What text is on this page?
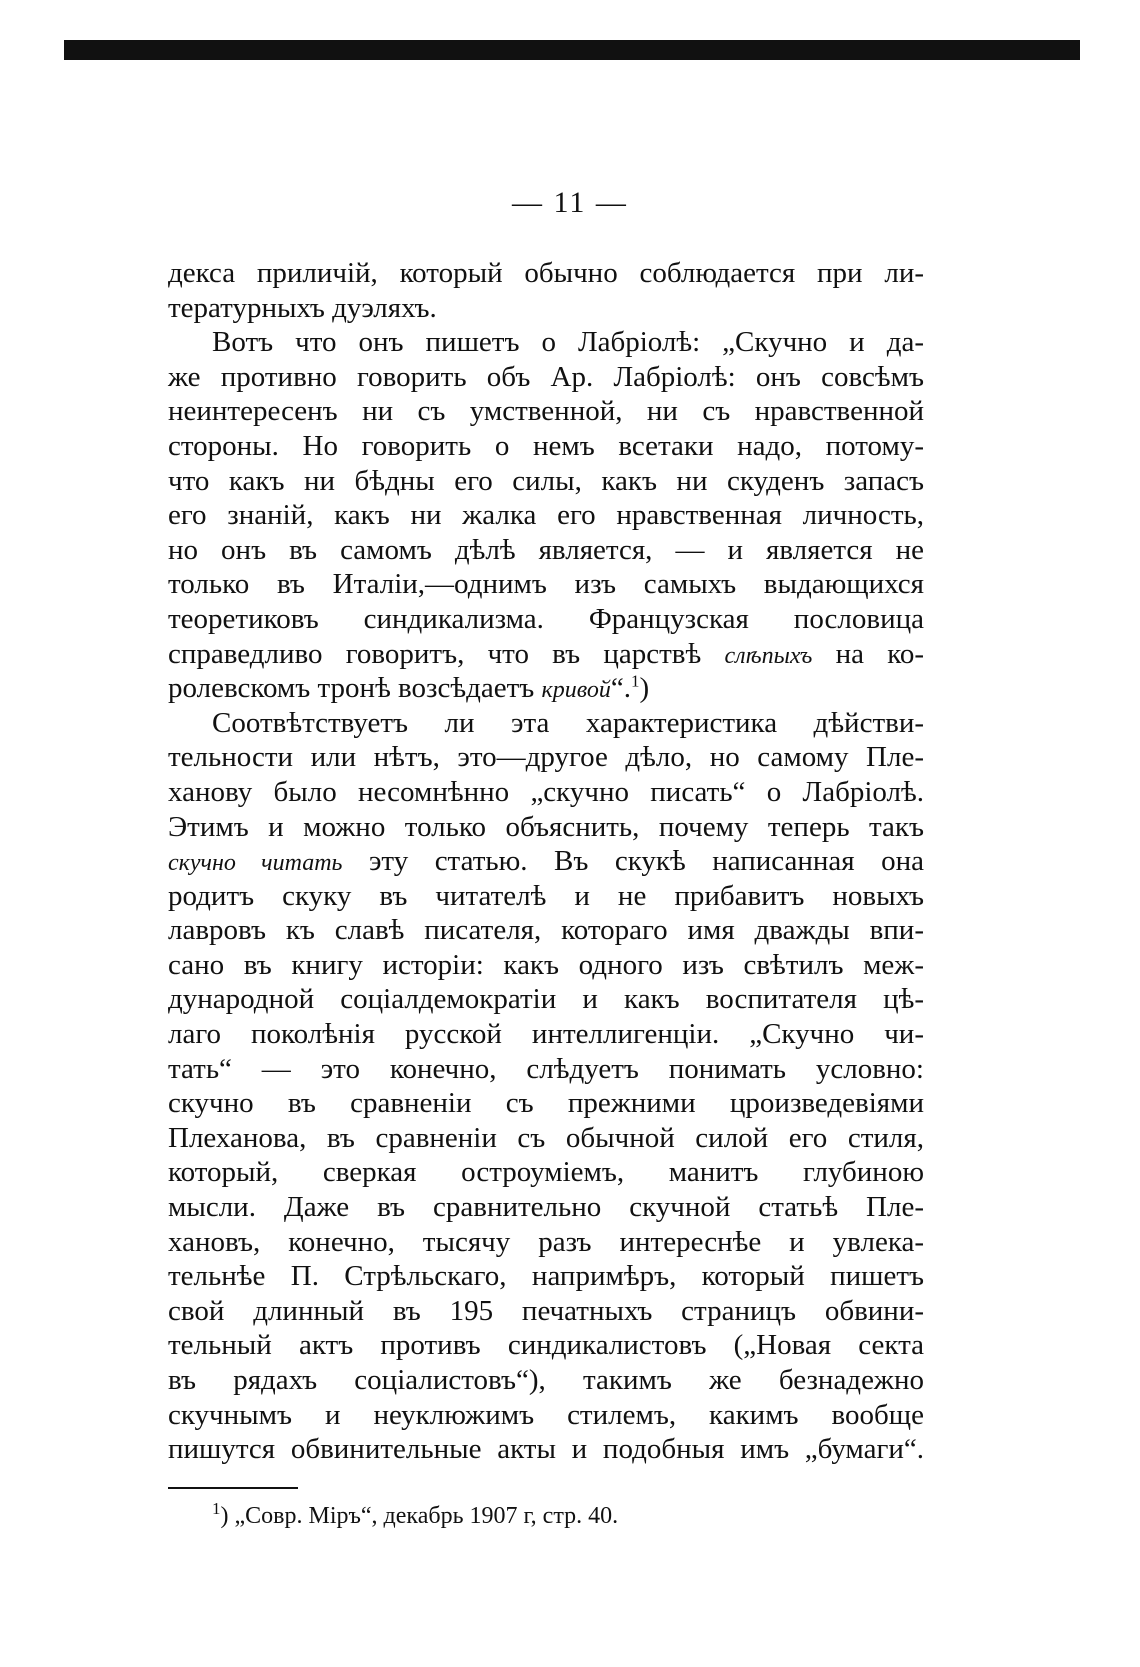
— 11 —
декса приличій, который обычно соблюдается при ли-
тературныхъ дуэляхъ.
Вотъ что онъ пишетъ о Лабріолѣ: „Скучно и да-
же противно говорить объ Ар. Лабріолѣ: онъ совсѣмъ
неинтересенъ ни съ умственной, ни съ нравственной
стороны. Но говорить о немъ всетаки надо, потому-
что какъ ни бѣдны его силы, какъ ни скуденъ запасъ
его знаній, какъ ни жалка его нравственная личность,
но онъ въ самомъ дѣлѣ является, — и является не
только въ Италіи,—однимъ изъ самыхъ выдающихся
теоретиковъ синдикализма. Французская пословица
справедливо говоритъ, что въ царствѣ слѣпыхъ на ко-
ролевскомъ тронѣ возсѣдаетъ кривой“.$^1$)
Соотвѣтствуетъ ли эта характеристика дѣйстви-
тельности или нѣтъ, это—другое дѣло, но самому Пле-
ханову было несомнѣнно „скучно писать“ о Лабріолѣ.
Этимъ и можно только объяснить, почему теперь такъ
скучно читать эту статью. Въ скукѣ написанная она
родитъ скуку въ читателѣ и не прибавитъ новыхъ
лавровъ къ славѣ писателя, котораго имя дважды впи-
сано въ книгу исторіи: какъ одного изъ свѣтилъ меж-
дународной соціалдемократіи и какъ воспитателя цѣ-
лаго поколѣнія русской интеллигенціи. „Скучно чи-
тать“ — это конечно, слѣдуетъ понимать условно:
скучно въ сравненіи съ прежними цроизведевіями
Плеханова, въ сравненіи съ обычной силой его стиля,
который, сверкая остроуміемъ, манитъ глубиною
мысли. Даже въ сравнительно скучной статьѣ Пле-
хановъ, конечно, тысячу разъ интереснѣе и увлека-
тельнѣе П. Стрѣльскаго, напримѣръ, который пишетъ
свой длинный въ 195 печатныхъ страницъ обвини-
тельный актъ противъ синдикалистовъ („Новая секта
въ рядахъ соціалистовъ“), такимъ же безнадежно
скучнымъ и неуклюжимъ стилемъ, какимъ вообще
пишутся обвинительные акты и подобныя имъ „бумаги“.
$^1$) „Совр. Міръ“, декабрь 1907 г, стр. 40.
